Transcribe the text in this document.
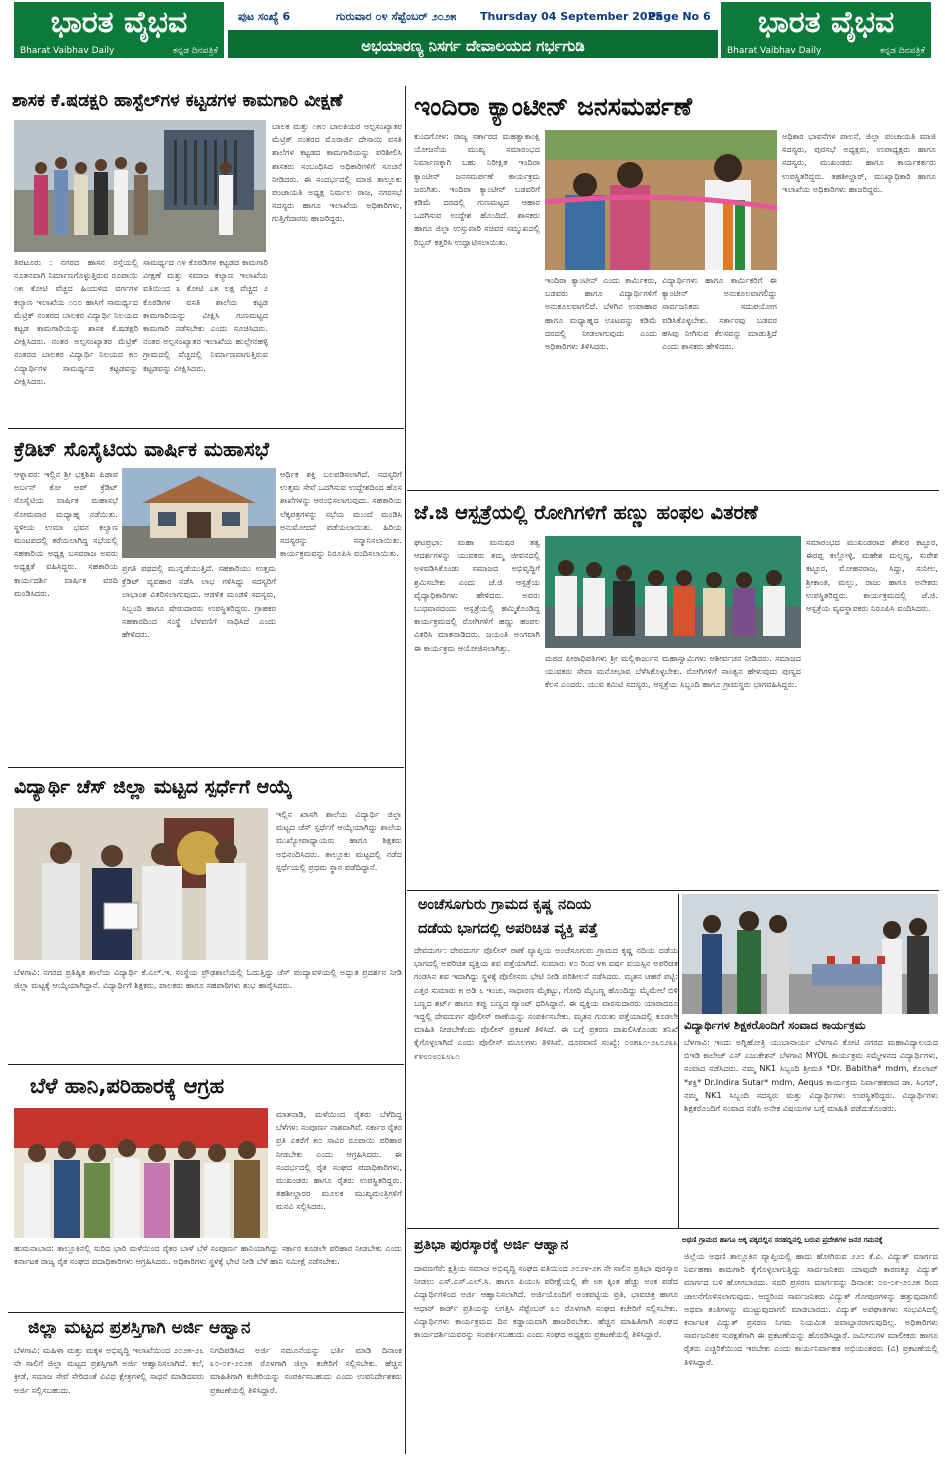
ಭಾರತ ವೈಭವ
Bharat Vaibhav Daily	ಕನ್ನಡ ದಿನಪತ್ರಿಕೆ
ಪುಟ ಸಂಖ್ಯೆ 6	ಗುರುವಾರ ೦೪ ಸೆಪ್ಟೆಂಬರ್ ೨೦೨೫ Thursday 04 September 2025
Page No 6
ಅಭಯಾರಣ್ಯ ನಿಸರ್ಗ ದೇವಾಲಯದ ಗರ್ಭಗುಡಿ
ಭಾರತ ವೈಭವ
Bharat Vaibhav Daily	ಕನ್ನಡ ದಿನಪತ್ರಿಕೆ
ಶಾಸಕ ಕೆ.ಷಡಕ್ಷರಿ ಹಾಸ್ಟೆಲ್‌ಗಳ ಕಟ್ಟಡಗಳ ಕಾಮಗಾರಿ ವೀಕ್ಷಣೆ
ಬಾಲಕ ಮತ್ತು ೧೫೦ ಬಾಲಕಿಯರ ಅಲ್ಪಸಂಖ್ಯಾತರ ಮೆಟ್ರಿಕ್ ನಂತರದ ಮೊರಾರ್ಜಿ ದೇಸಾಯಿ ವಸತಿ ಶಾಲೆಗಳ ಕಟ್ಟಡದ ಕಾಮಗಾರಿಯನ್ನು ಪರಿಶೀಲಿಸಿ ಶಾಸಕರು ಸಂಬಂಧಿಸಿದ ಅಧಿಕಾರಿಗಳಿಗೆ ಸೂಚನೆ ನೀಡಿದರು. ಈ ಸಂದರ್ಭದಲ್ಲಿ ಮಾಜಿ ತಾಲ್ಲೂಕು ಪಂಚಾಯತಿ ಅಧ್ಯಕ್ಷ ನಿರ್ಮಲ ರಾಜ, ನಗರಸಭೆ ಸದಸ್ಯರು ಹಾಗೂ ಇಲಾಖೆಯ ಅಧಿಕಾರಿಗಳು, ಗುತ್ತಿಗೆದಾರರು ಹಾಜರಿದ್ದರು.
ತಿಪಟೂರು : ನಗರದ ಹಾಸನ ರಸ್ತೆಯಲ್ಲಿ ನೂತನವಾಗಿ ನಿರ್ಮಾಣಗೊಳ್ಳುತ್ತಿರುವ ರೂಪಾಯಿ ೧೫ ಕೋಟಿ ವೆಚ್ಚದ ಹಿಂದುಳಿದ ವರ್ಗಗಳ ಕಲ್ಯಾಣ ಇಲಾಖೆಯ ೧೦೦ ಹಾಸಿಗೆ ಸಾಮರ್ಥ್ಯದ ಮೆಟ್ರಿಕ್ ನಂತರದ ಬಾಲಕರ ವಿದ್ಯಾರ್ಥಿ ನಿಲಯದ ಕಟ್ಟಡ ಕಾಮಗಾರಿಯನ್ನು ಶಾಸಕ ಕೆ.ಷಡಕ್ಷರಿ ವೀಕ್ಷಿಸಿದರು. ನಂತರ ಅಲ್ಪಸಂಖ್ಯಾತರ ಮೆಟ್ರಿಕ್ ನಂತರದ ಬಾಲಕರ ವಿದ್ಯಾರ್ಥಿ ನಿಲಯದ ೫೦ ವಿದ್ಯಾರ್ಥಿಗಳ ಸಾಮರ್ಥ್ಯದ ಕಟ್ಟಡವನ್ನು ವೀಕ್ಷಿಸಿದರು.
ಸಾಮರ್ಥ್ಯದ ೧೪ ಕೊಠಡಿಗಳ ಕಟ್ಟಡದ ಕಾಮಗಾರಿ ವೀಕ್ಷಣೆ ಮತ್ತು ಸಮಾಜ ಕಲ್ಯಾಣ ಇಲಾಖೆಯ ವತಿಯಿಂದ ೩ ಕೋಟಿ ೭೫ ಲಕ್ಷ ವೆಚ್ಚದ ೨ ಕೊಠಡಿಗಳ ವಸತಿ ಶಾಲೆಯ ಕಟ್ಟಡ ಕಾಮಗಾರಿಯನ್ನು ವೀಕ್ಷಿಸಿ ಗುಣಮಟ್ಟದ ಕಾಮಗಾರಿ ನಡೆಸಬೇಕು ಎಂದು ಸೂಚಿಸಿದರು. ನಂತರ ಅಲ್ಪಸಂಖ್ಯಾತರ ಇಲಾಖೆಯ ಹುಲ್ಲೇನಹಳ್ಳಿ ಗ್ರಾಮದಲ್ಲಿ ವೆಚ್ಚದಲ್ಲಿ ನಿರ್ಮಾಣವಾಗುತ್ತಿರುವ ಕಟ್ಟಡವನ್ನು ವೀಕ್ಷಿಸಿದರು.
ಕ್ರೆಡಿಟ್ ಸೊಸೈಟಿಯ ವಾರ್ಷಿಕ ಮಹಾಸಭೆ
ಆಳ್ನಾವರ: ಇಲ್ಲಿನ ಶ್ರೀ ಭಕ್ತಶಿಖ ಪಿಡಾಪ ಅರ್ಬನ್ ಕೋ ಆಪ್ ಕ್ರೆಡಿಟ್ ಸೊಸೈಟಿಯ ವಾರ್ಷಿಕ ಮಹಾಸಭೆ ಸೋಮವಾರ ಮಧ್ಯಾಹ್ನ ನಡೆಯಿತು. ಸ್ಥಳೀಯ ಉಮಾ ಭವನ ಕಲ್ಯಾಣ ಮಂಟಪದಲ್ಲಿ ಕರೆಯಲಾಗಿದ್ದ ಸಭೆಯಲ್ಲಿ ಸಹಕಾರಿಯ ಅಧ್ಯಕ್ಷ ಬಸವರಾಜ ಅವರು ಅಧ್ಯಕ್ಷತೆ ವಹಿಸಿದ್ದರು. ಸಹಕಾರಿಯ ಕಾರ್ಯದರ್ಶಿ ವಾರ್ಷಿಕ ವರದಿ ಮಂಡಿಸಿದರು.
ಪ್ರಗತಿ ಪಥದಲ್ಲಿ ಮುನ್ನಡೆಯುತ್ತಿದೆ. ಸಹಕಾರಿಯು ಉತ್ತಮ ಕ್ರೆಡಿಟ್ ವ್ಯವಹಾರ ನಡೆಸಿ ಲಾಭ ಗಳಿಸಿದ್ದು ಸದಸ್ಯರಿಗೆ ಲಾಭಾಂಶ ವಿತರಿಸಲಾಗುವುದು. ಆಡಳಿತ ಮಂಡಳಿ ಸದಸ್ಯರು, ಸಿಬ್ಬಂದಿ ಹಾಗೂ ಷೇರುದಾರರು ಉಪಸ್ಥಿತರಿದ್ದರು. ಗ್ರಾಹಕರ ಸಹಕಾರದಿಂದ ಸಂಸ್ಥೆ ಬೆಳವಣಿಗೆ ಸಾಧಿಸಿದೆ ಎಂದು ಹೇಳಿದರು.
ಆರ್ಥಿಕ ಶಕ್ತಿ ಬಲಪಡಿಸಲಾಗಿದೆ. ಸದಸ್ಯರಿಗೆ ಉತ್ತಮ ಸೇವೆ ಒದಗಿಸುವ ಉದ್ದೇಶದಿಂದ ಹೊಸ ಶಾಖೆಗಳನ್ನು ಆರಂಭಿಸಲಾಗುವುದು. ಸಹಕಾರಿಯ ಲೆಕ್ಕಪತ್ರಗಳನ್ನು ಸಭೆಯ ಮುಂದೆ ಮಂಡಿಸಿ ಅನುಮೋದನೆ ಪಡೆಯಲಾಯಿತು. ಹಿರಿಯ ಸದಸ್ಯರನ್ನು ಸನ್ಮಾನಿಸಲಾಯಿತು. ಕಾರ್ಯಕ್ರಮವನ್ನು ನಿರೂಪಿಸಿ ವಂದಿಸಲಾಯಿತು.
ವಿದ್ಯಾರ್ಥಿ ಚೆಸ್ ಜಿಲ್ಲಾ ಮಟ್ಟದ ಸ್ಪರ್ಧೆಗೆ ಆಯ್ಕೆ
ಇಲ್ಲಿನ ಖಾಸಗಿ ಶಾಲೆಯ ವಿದ್ಯಾರ್ಥಿ ಜಿಲ್ಲಾ ಮಟ್ಟದ ಚೆಸ್ ಸ್ಪರ್ಧೆಗೆ ಆಯ್ಕೆಯಾಗಿದ್ದು ಶಾಲೆಯ ಮುಖ್ಯೋಪಾಧ್ಯಾಯರು ಹಾಗೂ ಶಿಕ್ಷಕರು ಅಭಿನಂದಿಸಿದರು. ತಾಲ್ಲೂಕು ಮಟ್ಟದಲ್ಲಿ ನಡೆದ ಸ್ಪರ್ಧೆಯಲ್ಲಿ ಪ್ರಥಮ ಸ್ಥಾನ ಪಡೆದಿದ್ದಾನೆ.
ಬೆಳಗಾವಿ: ನಗರದ ಪ್ರತಿಷ್ಠಿತ ಶಾಲೆಯ ವಿದ್ಯಾರ್ಥಿ ಕೆ.ಎಲ್.ಇ. ಸಂಸ್ಥೆಯ ಪ್ರೌಢಶಾಲೆಯಲ್ಲಿ ಓದುತ್ತಿದ್ದು ಚೆಸ್ ಪಂದ್ಯಾವಳಿಯಲ್ಲಿ ಅದ್ಭುತ ಪ್ರದರ್ಶನ ನೀಡಿ ಜಿಲ್ಲಾ ಮಟ್ಟಕ್ಕೆ ಆಯ್ಕೆಯಾಗಿದ್ದಾನೆ. ವಿದ್ಯಾರ್ಥಿಗೆ ಶಿಕ್ಷಕರು, ಪಾಲಕರು ಹಾಗೂ ಸಹಪಾಠಿಗಳು ಶುಭ ಹಾರೈಸಿದರು.
ಬೆಳೆ ಹಾನಿ,ಪರಿಹಾರಕ್ಕೆ ಆಗ್ರಹ
ಮಾತನಾಡಿ, ಮಳೆಯಿಂದ ರೈತರು ಬೆಳೆದಿದ್ದ ಬೆಳೆಗಳು ಸಂಪೂರ್ಣ ನಾಶವಾಗಿವೆ. ಸರ್ಕಾರ ರೈತರ ಪ್ರತಿ ಎಕರೆಗೆ ೫೦ ಸಾವಿರ ರೂಪಾಯಿ ಪರಿಹಾರ ನೀಡಬೇಕು ಎಂದು ಆಗ್ರಹಿಸಿದರು. ಈ ಸಂದರ್ಭದಲ್ಲಿ ರೈತ ಸಂಘದ ಪದಾಧಿಕಾರಿಗಳು, ಮುಖಂಡರು ಹಾಗೂ ರೈತರು ಉಪಸ್ಥಿತರಿದ್ದರು. ತಹಶೀಲ್ದಾರರ ಮೂಲಕ ಮುಖ್ಯಮಂತ್ರಿಗಳಿಗೆ ಮನವಿ ಸಲ್ಲಿಸಿದರು.
ಹುಮನಾಬಾದ: ತಾಲ್ಲೂಕಿನಲ್ಲಿ ಸುರಿದ ಭಾರಿ ಮಳೆಯಿಂದ ರೈತರ ಬಾಳೆ ಬೆಳೆ ಸಂಪೂರ್ಣ ಹಾನಿಯಾಗಿದ್ದು ಸರ್ಕಾರ ಕೂಡಲೇ ಪರಿಹಾರ ನೀಡಬೇಕು ಎಂದು ಕರ್ನಾಟಕ ರಾಜ್ಯ ರೈತ ಸಂಘದ ಪದಾಧಿಕಾರಿಗಳು ಆಗ್ರಹಿಸಿದರು. ಅಧಿಕಾರಿಗಳು ಸ್ಥಳಕ್ಕೆ ಭೇಟಿ ನೀಡಿ ಬೆಳೆ ಹಾನಿ ಸಮೀಕ್ಷೆ ನಡೆಸಬೇಕು.
ಜಿಲ್ಲಾ ಮಟ್ಟದ ಪ್ರಶಸ್ತಿಗಾಗಿ ಅರ್ಜಿ ಆಹ್ವಾನ
ಬೆಳಗಾವಿ: ಮಹಿಳಾ ಮತ್ತು ಮಕ್ಕಳ ಅಭಿವೃದ್ಧಿ ಇಲಾಖೆಯಿಂದ ೨೦೨೫-೨೬ ನೇ ಸಾಲಿಗೆ ಜಿಲ್ಲಾ ಮಟ್ಟದ ಪ್ರಶಸ್ತಿಗಾಗಿ ಅರ್ಜಿ ಆಹ್ವಾನಿಸಲಾಗಿದೆ. ಕಲೆ, ಕ್ರೀಡೆ, ಸಮಾಜ ಸೇವೆ ಸೇರಿದಂತೆ ವಿವಿಧ ಕ್ಷೇತ್ರಗಳಲ್ಲಿ ಸಾಧನೆ ಮಾಡಿದವರು ಅರ್ಜಿ ಸಲ್ಲಿಸಬಹುದು.
ನಿಗದಿಪಡಿಸಿದ ಅರ್ಜಿ ನಮೂನೆಯನ್ನು ಭರ್ತಿ ಮಾಡಿ ದಿನಾಂಕ ೩೦-೦೯-೨೦೨೫ ರೊಳಗಾಗಿ ಜಿಲ್ಲಾ ಕಚೇರಿಗೆ ಸಲ್ಲಿಸಬೇಕು. ಹೆಚ್ಚಿನ ಮಾಹಿತಿಗಾಗಿ ಕಚೇರಿಯನ್ನು ಸಂಪರ್ಕಿಸಬಹುದು ಎಂದು ಉಪನಿರ್ದೇಶಕರು ಪ್ರಕಟಣೆಯಲ್ಲಿ ತಿಳಿಸಿದ್ದಾರೆ.
ಇಂದಿರಾ ಕ್ಯಾಂಟೀನ್ ಜನಸಮರ್ಪಣೆ
ಕುಂದಗೋಳ: ರಾಜ್ಯ ಸರ್ಕಾರದ ಮಹತ್ವಾಕಾಂಕ್ಷಿ ಯೋಜನೆಯ ಮುಖ್ಯ ಸಮಾರಂಭದ ನಿರ್ಮಾಣಕ್ಕಾಗಿ ಬಹು ನಿರೀಕ್ಷಿತ ಇಂದಿರಾ ಕ್ಯಾಂಟೀನ್ ಜನಸಮರ್ಪಣೆ ಕಾರ್ಯಕ್ರಮ ಜರುಗಿತು. ಇಂದಿರಾ ಕ್ಯಾಂಟೀನ್ ಬಡವರಿಗೆ ಕಡಿಮೆ ದರದಲ್ಲಿ ಗುಣಮಟ್ಟದ ಆಹಾರ ಒದಗಿಸುವ ಉದ್ದೇಶ ಹೊಂದಿದೆ. ಶಾಸಕರು ಹಾಗೂ ಜಿಲ್ಲಾ ಉಸ್ತುವಾರಿ ಸಚಿವರ ಸಮ್ಮುಖದಲ್ಲಿ ರಿಬ್ಬನ್ ಕತ್ತರಿಸಿ ಉದ್ಘಾಟಿಸಲಾಯಿತು.
ಅಧಿಕಾರ ಭಾವನೆಗಳ ಪಾಲನೆ, ಜಿಲ್ಲಾ ಪಂಚಾಯತಿ ಮಾಜಿ ಸದಸ್ಯರು, ಪುರಸಭೆ ಅಧ್ಯಕ್ಷರು, ಉಪಾಧ್ಯಕ್ಷರು ಹಾಗೂ ಸದಸ್ಯರು, ಮುಖಂಡರು ಹಾಗೂ ಕಾರ್ಯಕರ್ತರು ಉಪಸ್ಥಿತರಿದ್ದರು. ತಹಶೀಲ್ದಾರ್, ಮುಖ್ಯಾಧಿಕಾರಿ ಹಾಗೂ ಇಲಾಖೆಯ ಅಧಿಕಾರಿಗಳು ಹಾಜರಿದ್ದರು.
ಇಂದಿರಾ ಕ್ಯಾಂಟೀನ್ ಎಂದು ಕಾರ್ಮಿಕರು, ಬಡವರು ಹಾಗೂ ವಿದ್ಯಾರ್ಥಿಗಳಿಗೆ ಅನುಕೂಲವಾಗಲಿದೆ. ಬೆಳಗಿನ ಉಪಾಹಾರ ಹಾಗೂ ಮಧ್ಯಾಹ್ನದ ಊಟವನ್ನು ಕಡಿಮೆ ದರದಲ್ಲಿ ನೀಡಲಾಗುವುದು ಎಂದು ಅಧಿಕಾರಿಗಳು ತಿಳಿಸಿದರು.
ವಿದ್ಯಾರ್ಥಿಗಳು ಹಾಗೂ ಕಾರ್ಮಿಕರಿಗೆ ಈ ಕ್ಯಾಂಟೀನ್ ಅನುಕೂಲವಾಗಲಿದ್ದು ಸಾರ್ವಜನಿಕರು ಸದುಪಯೋಗ ಪಡಿಸಿಕೊಳ್ಳಬೇಕು. ಸರ್ಕಾರವು ಬಡವರ ಹಸಿವು ನೀಗಿಸುವ ಕೆಲಸವನ್ನು ಮಾಡುತ್ತಿದೆ ಎಂದು ಶಾಸಕರು ಹೇಳಿದರು.
ಜೆ.ಜಿ ಆಸ್ಪತ್ರೆಯಲ್ಲಿ ರೋಗಿಗಳಿಗೆ ಹಣ್ಣು ಹಂಫಲ ವಿತರಣೆ
ಘಟಪ್ರಭಾ: ಮಹಾ ಮನುಷರ ತತ್ವ ಆದರ್ಶಗಳನ್ನು ಯುವಕರು ತಮ್ಮ ಜೀವನದಲ್ಲಿ ಅಳವಡಿಸಿಕೊಂಡು ಸಮಾಜದ ಅಭಿವೃದ್ಧಿಗೆ ಶ್ರಮಿಸಬೇಕು ಎಂದು ಜೆ.ಜಿ ಆಸ್ಪತ್ರೆಯ ವೈದ್ಯಾಧಿಕಾರಿಗಳು ಹೇಳಿದರು. ಅವರು ಬುಧವಾರದಂದು ಆಸ್ಪತ್ರೆಯಲ್ಲಿ ಹಮ್ಮಿಕೊಂಡಿದ್ದ ಕಾರ್ಯಕ್ರಮದಲ್ಲಿ ರೋಗಿಗಳಿಗೆ ಹಣ್ಣು ಹಂಪಲ ವಿತರಿಸಿ ಮಾತನಾಡಿದರು. ಜಯಂತಿ ಅಂಗವಾಗಿ ಈ ಕಾರ್ಯಕ್ರಮ ಆಯೋಜಿಸಲಾಗಿತ್ತು.
ಸಮಾರಂಭದ ಮುಖಂಡರಾದ ಶೇಖರ ಕಟ್ಟೂರ, ಈರಪ್ಪ ಕಲ್ಲೋಳ್ಳಿ, ಮಹೇಶ ಮಲ್ಲಣ್ಣ, ಸುರೇಶ ಕಟ್ಟೂರ, ಮೋಹನರಾಜ, ಸಿದ್ದು, ಸುನೀಲ, ಶ್ರೀಕಾಂತ, ಮಲ್ಲು, ರಾಜು ಹಾಗೂ ಅನೇಕರು ಉಪಸ್ಥಿತರಿದ್ದರು. ಕಾರ್ಯಕ್ರಮದಲ್ಲಿ ಜೆ.ಜಿ. ಆಸ್ಪತ್ರೆಯ ವ್ಯವಸ್ಥಾಪಕರು ನಿರೂಪಿಸಿ ವಂದಿಸಿದರು.
ಮಠದ ಪೀಠಾಧಿಪತಿಗಳು ಶ್ರೀ ಮಲ್ಲಿಕಾರ್ಜುನ ಮಹಾಸ್ವಾಮಿಗಳು ಆಶೀರ್ವಚನ ನೀಡಿದರು. ಸಮಾಜದ ಯುವಕರು ಸೇವಾ ಮನೋಭಾವ ಬೆಳೆಸಿಕೊಳ್ಳಬೇಕು. ರೋಗಿಗಳಿಗೆ ಸಾಂತ್ವನ ಹೇಳುವುದು ಪುಣ್ಯದ ಕೆಲಸ ಎಂದರು. ಯುವ ಕಮಿಟಿ ಸದಸ್ಯರು, ಆಸ್ಪತ್ರೆಯ ಸಿಬ್ಬಂದಿ ಹಾಗೂ ಗ್ರಾಮಸ್ಥರು ಭಾಗವಹಿಸಿದ್ದರು.
ಅಂಚೆಸೂಗುರು ಗ್ರಾಮದ ಕೃಷ್ಣ ನದಿಯ
ದಡೆಯ ಭಾಗದಲ್ಲಿ ಅಪರಿಚಿತ ವ್ಯಕ್ತಿ ಪತ್ತೆ
ದೇವದುರ್ಗ: ದೇವದುರ್ಗ ಪೊಲೀಸ್ ಠಾಣೆ ವ್ಯಾಪ್ತಿಯ ಅಂಚೆಸೂಗುರು ಗ್ರಾಮದ ಕೃಷ್ಣ ನದಿಯ ದಡೆಯ ಭಾಗದಲ್ಲಿ ಅಪರಿಚಿತ ವ್ಯಕ್ತಿಯ ಶವ ಪತ್ತೆಯಾಗಿದೆ. ಸುಮಾರು ೪೦ ರಿಂದ ೪೫ ವರ್ಷ ವಯಸ್ಸಿನ ಅಪರಿಚಿತ ಗಂಡಸಿನ ಶವ ಇದಾಗಿದ್ದು ಸ್ಥಳಕ್ಕೆ ಪೊಲೀಸರು ಭೇಟಿ ನೀಡಿ ಪರಿಶೀಲನೆ ನಡೆಸಿದರು. ಮೃತನ ಚಹರೆ ಪಟ್ಟಿ: ಎತ್ತರ ಸುಮಾರು ೫ ಅಡಿ ೬ ಇಂಚು, ಸಾಧಾರಣ ಮೈಕಟ್ಟು, ಗೋಧಿ ಮೈಬಣ್ಣ ಹೊಂದಿದ್ದು ಮೈಮೇಲೆ ಬಿಳಿ ಬಣ್ಣದ ಶರ್ಟ್ ಹಾಗೂ ಕಪ್ಪು ಬಣ್ಣದ ಪ್ಯಾಂಟ್ ಧರಿಸಿದ್ದಾನೆ. ಈ ವ್ಯಕ್ತಿಯ ವಾರಸುದಾರರು ಯಾರಾದರೂ ಇದ್ದಲ್ಲಿ ದೇವದುರ್ಗ ಪೊಲೀಸ್ ಠಾಣೆಯನ್ನು ಸಂಪರ್ಕಿಸಬೇಕು. ಮೃತನ ಗುರುತು ಪತ್ತೆಯಾದಲ್ಲಿ ಕೂಡಲೇ ಮಾಹಿತಿ ನೀಡಬೇಕೆಂದು ಪೊಲೀಸ್ ಪ್ರಕಟಣೆ ತಿಳಿಸಿದೆ. ಈ ಬಗ್ಗೆ ಪ್ರಕರಣ ದಾಖಲಿಸಿಕೊಂಡು ತನಿಖೆ ಕೈಗೊಳ್ಳಲಾಗಿದೆ ಎಂದು ಪೊಲೀಸ್ ಮೂಲಗಳು ತಿಳಿಸಿವೆ. ದೂರವಾಣಿ ಸಂಖ್ಯೆ: ೦೮೫೩೧-೨೬೦೨೩೩ ೯೪೮೦೮೦೩೮೬೧
ವಿದ್ಯಾರ್ಥಿಗಳ ಶಿಕ್ಷಕರೊಂದಿಗೆ ಸಂವಾದ ಕಾರ್ಯಕ್ರಮ
ಬೆಳಗಾವಿ: ಇಂದು ಅಗ್ನಿಹೋತ್ರಿ ಯುಬಾನಾರ್ಯ ಬೆಳಗಾವಿ ಕೋಟಿ ನಗರದ ಮಹಾವಿದ್ಯಾಲಯದ ಬಿಇಡಿ ಕಾಲೇಜ್ ಎಸ್ ಎಜುಕೇಶನ್ ಬೆಳಗಾವಿ MYOL ಕಾರ್ಯಕ್ರಮ ಸಮ್ಮೇಳನದ ವಿದ್ಯಾರ್ಥಿಗಳು, ಸಂವಾದ ನಡೆಸಿದರು. ನಮ್ಮ NK1 ಸಿಬ್ಬಂದಿ ಶ್ರೀಮತಿ *Dr. Babitha* mdm, ಕೊಲಾಪ್ *ಶಕ್ತಿ* Dr.Indira Sutar* mdm, Aequs ಕಾರ್ಯಕ್ರಮ ನಿರ್ವಾಹಕರಾದ ಡಾ. ಸಿಂಗರ್, ನಮ್ಮ NK1 ಸಿಬ್ಬಂದಿ ಸದಸ್ಯರು ಮತ್ತು ವಿದ್ಯಾರ್ಥಿಗಳು ಉಪಸ್ಥಿತರಿದ್ದರು. ವಿದ್ಯಾರ್ಥಿಗಳು ಶಿಕ್ಷಕರೊಂದಿಗೆ ಸಂವಾದ ನಡೆಸಿ ಅನೇಕ ವಿಷಯಗಳ ಬಗ್ಗೆ ಮಾಹಿತಿ ಪಡೆದುಕೊಂಡರು.
ಪ್ರತಿಭಾ ಪುರಸ್ಕಾರಕ್ಕೆ ಅರ್ಜಿ ಆಹ್ವಾನ
ದಾವಣಗೆರೆ: ಕ್ಷತ್ರಿಯ ಸಮಾಜ ಅಭಿವೃದ್ಧಿ ಸಂಘದ ವತಿಯಿಂದ ೨೦೨೪-೨೫ ನೇ ಸಾಲಿನ ಪ್ರತಿಭಾ ಪುರಸ್ಕಾರ ನೀಡಲು ಎಸ್.ಎಸ್.ಎಲ್.ಸಿ. ಹಾಗೂ ಪಿಯುಸಿ ಪರೀಕ್ಷೆಯಲ್ಲಿ ಶೇ ೮೫ ಕ್ಕಿಂತ ಹೆಚ್ಚು ಅಂಕ ಪಡೆದ ವಿದ್ಯಾರ್ಥಿಗಳಿಂದ ಅರ್ಜಿ ಆಹ್ವಾನಿಸಲಾಗಿದೆ. ಅರ್ಜಿಯೊಂದಿಗೆ ಅಂಕಪಟ್ಟಿಯ ಪ್ರತಿ, ಭಾವಚಿತ್ರ ಹಾಗೂ ಆಧಾರ್ ಕಾರ್ಡ್ ಪ್ರತಿಯನ್ನು ಲಗತ್ತಿಸಿ ಸೆಪ್ಟೆಂಬರ್ ೩೦ ರೊಳಗಾಗಿ ಸಂಘದ ಕಚೇರಿಗೆ ಸಲ್ಲಿಸಬೇಕು. ವಿದ್ಯಾರ್ಥಿಗಳು ಕಾರ್ಯಕ್ರಮದ ದಿನ ಕಡ್ಡಾಯವಾಗಿ ಹಾಜರಿರಬೇಕು. ಹೆಚ್ಚಿನ ಮಾಹಿತಿಗಾಗಿ ಸಂಘದ ಕಾರ್ಯದರ್ಶಿಯವರನ್ನು ಸಂಪರ್ಕಿಸಬಹುದು ಎಂದು ಸಂಘದ ಅಧ್ಯಕ್ಷರು ಪ್ರಕಟಣೆಯಲ್ಲಿ ತಿಳಿಸಿದ್ದಾರೆ.
ಅಥಣಿ ಗ್ರಾಮದ ಹಾಗೂ ಆಕ್ಕ ಪಕ್ಕದಲ್ಲಿನ ಸರಹದ್ದಿನಲ್ಲಿ ಬರುವ ಪ್ರದೇಶಗಳ ಜನರ ಗಮನಕ್ಕೆ
ಜಿಲ್ಲೆಯ ಅಥಣಿ ತಾಲ್ಲೂಕಿನ ವ್ಯಾಪ್ತಿಯಲ್ಲಿ ಹಾದು ಹೋಗಿರುವ ೨೨೦ ಕೆ.ವಿ. ವಿದ್ಯುತ್ ಮಾರ್ಗದ ನಿರ್ವಹಣಾ ಕಾಮಗಾರಿ ಕೈಗೊಳ್ಳಲಾಗುತ್ತಿದ್ದು ಸಾರ್ವಜನಿಕರು ಯಾವುದೇ ಕಾರಣಕ್ಕೂ ವಿದ್ಯುತ್ ಮಾರ್ಗದ ಬಳಿ ಹೋಗಬಾರದು. ಸದರಿ ಪ್ರಸರಣ ಮಾರ್ಗವನ್ನು ದಿನಾಂಕ: ೦೮-೦೯-೨೦೨೫ ರಿಂದ ಚಾಲನೆಗೊಳಿಸಲಾಗುವುದು. ಆದ್ದರಿಂದ ಸಾರ್ವಜನಿಕರು ವಿದ್ಯುತ್ ಗೋಪುರಗಳನ್ನು ಹತ್ತುವುದಾಗಲಿ ಅಥವಾ ತಂತಿಗಳನ್ನು ಮುಟ್ಟುವುದಾಗಲಿ ಮಾಡಬಾರದು. ವಿದ್ಯುತ್ ಅಪಘಾತಗಳು ಸಂಭವಿಸಿದಲ್ಲಿ ಕರ್ನಾಟಕ ವಿದ್ಯುತ್ ಪ್ರಸರಣ ನಿಗಮ ನಿಯಮಿತ ಜವಾಬ್ದಾರರಾಗುವುದಿಲ್ಲ. ಅಧಿಕಾರಿಗಳು ಸಾರ್ವಜನಿಕರ ಸುರಕ್ಷತೆಗಾಗಿ ಈ ಪ್ರಕಟಣೆಯನ್ನು ಹೊರಡಿಸಿದ್ದಾರೆ. ಜಮೀನುಗಳ ಮಾಲೀಕರು ಹಾಗೂ ರೈತರು ಎಚ್ಚರಿಕೆಯಿಂದ ಇರಬೇಕು ಎಂದು ಕಾರ್ಯನಿರ್ವಾಹಕ ಅಭಿಯಂತರರು (ವಿ) ಪ್ರಕಟಣೆಯಲ್ಲಿ ತಿಳಿಸಿದ್ದಾರೆ.
